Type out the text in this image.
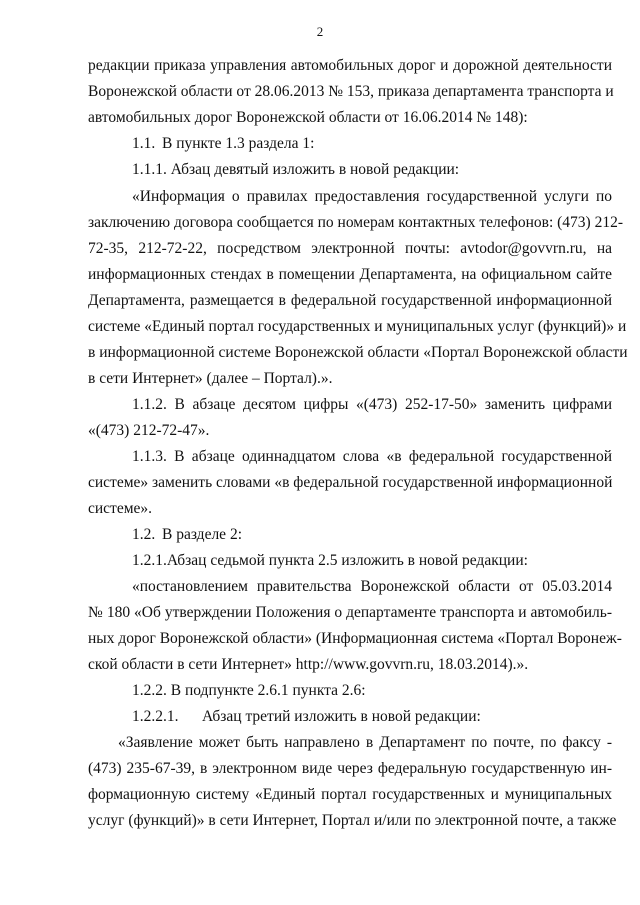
2
редакции приказа управления автомобильных дорог и дорожной деятельности
Воронежской области от 28.06.2013 № 153, приказа департамента транспорта и
автомобильных дорог Воронежской области от 16.06.2014 № 148):
1.1. В пункте 1.3 раздела 1:
1.1.1. Абзац девятый изложить в новой редакции:
«Информация о правилах предоставления государственной услуги по
заключению договора сообщается по номерам контактных телефонов: (473) 212-
72-35, 212-72-22, посредством электронной почты: avtodor@govvrn.ru, на
информационных стендах в помещении Департамента, на официальном сайте
Департамента, размещается в федеральной государственной информационной
системе «Единый портал государственных и муниципальных услуг (функций)» и
в информационной системе Воронежской области «Портал Воронежской области
в сети Интернет» (далее – Портал).».
1.1.2. В абзаце десятом цифры «(473) 252-17-50» заменить цифрами
«(473) 212-72-47».
1.1.3. В абзаце одиннадцатом слова «в федеральной государственной
системе» заменить словами «в федеральной государственной информационной
системе».
1.2. В разделе 2:
1.2.1.Абзац седьмой пункта 2.5 изложить в новой редакции:
«постановлением правительства Воронежской области от 05.03.2014
№ 180 «Об утверждении Положения о департаменте транспорта и автомобиль-
ных дорог Воронежской области» (Информационная система «Портал Воронеж-
ской области в сети Интернет» http://www.govvrn.ru, 18.03.2014).».
1.2.2. В подпункте 2.6.1 пункта 2.6:
1.2.2.1. Абзац третий изложить в новой редакции:
«Заявление может быть направлено в Департамент по почте, по факсу -
(473) 235-67-39, в электронном виде через федеральную государственную ин-
формационную систему «Единый портал государственных и муниципальных
услуг (функций)» в сети Интернет, Портал и/или по электронной почте, а также
